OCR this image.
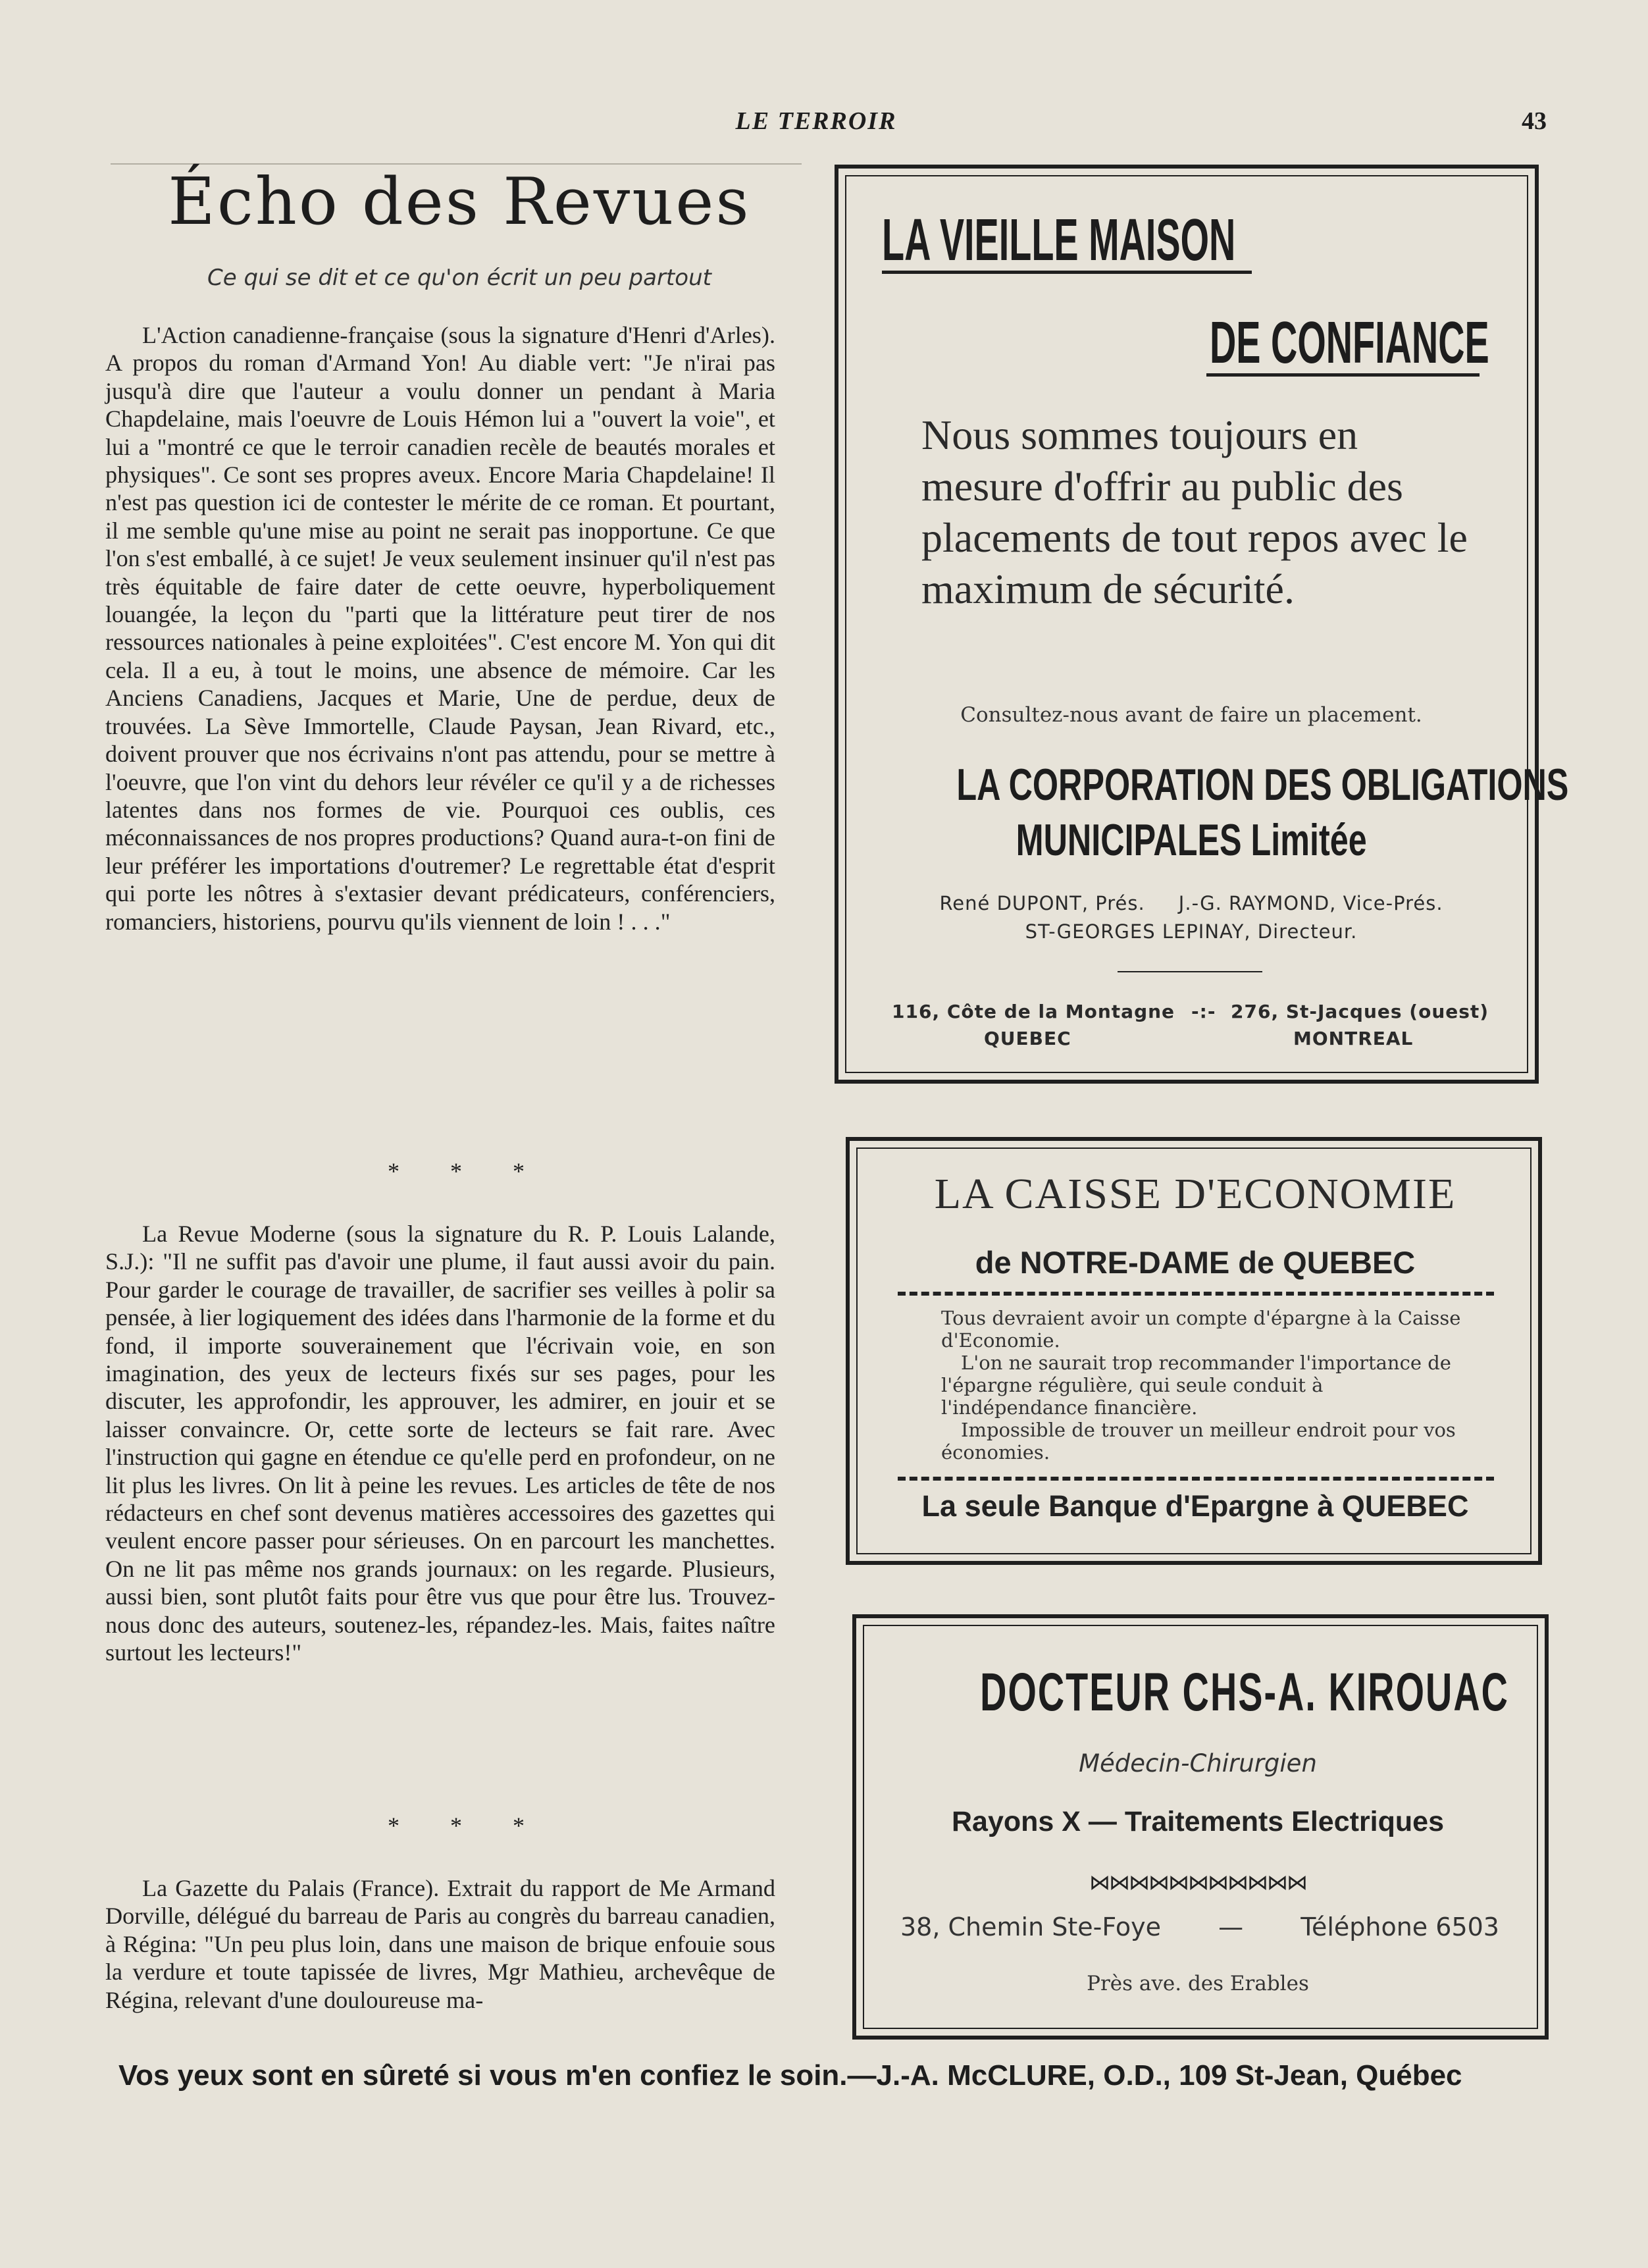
LE TERROIR	43
Écho des Revues
Ce qui se dit et ce qu'on écrit un peu partout
L'Action canadienne-française (sous la signature d'Henri d'Arles). A propos du roman d'Armand Yon! Au diable vert: "Je n'irai pas jusqu'à dire que l'auteur a voulu donner un pendant à Maria Chapdelaine, mais l'oeuvre de Louis Hémon lui a "ouvert la voie", et lui a "montré ce que le terroir canadien recèle de beautés morales et physiques". Ce sont ses propres aveux. Encore Maria Chapdelaine! Il n'est pas question ici de contester le mérite de ce roman. Et pourtant, il me semble qu'une mise au point ne serait pas inopportune. Ce que l'on s'est emballé, à ce sujet! Je veux seulement insinuer qu'il n'est pas très équitable de faire dater de cette oeuvre, hyperboliquement louangée, la leçon du "parti que la littérature peut tirer de nos ressources nationales à peine exploitées". C'est encore M. Yon qui dit cela. Il a eu, à tout le moins, une absence de mémoire. Car les Anciens Canadiens, Jacques et Marie, Une de perdue, deux de trouvées. La Sève Immortelle, Claude Paysan, Jean Rivard, etc., doivent prouver que nos écrivains n'ont pas attendu, pour se mettre à l'oeuvre, que l'on vint du dehors leur révéler ce qu'il y a de richesses latentes dans nos formes de vie. Pourquoi ces oublis, ces méconnaissances de nos propres productions? Quand aura-t-on fini de leur préférer les importations d'outremer? Le regrettable état d'esprit qui porte les nôtres à s'extasier devant prédicateurs, conférenciers, romanciers, historiens, pourvu qu'ils viennent de loin ! . . ."
* * *
La Revue Moderne (sous la signature du R. P. Louis Lalande, S.J.): "Il ne suffit pas d'avoir une plume, il faut aussi avoir du pain. Pour garder le courage de travailler, de sacrifier ses veilles à polir sa pensée, à lier logiquement des idées dans l'harmonie de la forme et du fond, il importe souverainement que l'écrivain voie, en son imagination, des yeux de lecteurs fixés sur ses pages, pour les discuter, les approfondir, les approuver, les admirer, en jouir et se laisser convaincre. Or, cette sorte de lecteurs se fait rare. Avec l'instruction qui gagne en étendue ce qu'elle perd en profondeur, on ne lit plus les livres. On lit à peine les revues. Les articles de tête de nos rédacteurs en chef sont devenus matières accessoires des gazettes qui veulent encore passer pour sérieuses. On en parcourt les manchettes. On ne lit pas même nos grands journaux: on les regarde. Plusieurs, aussi bien, sont plutôt faits pour être vus que pour être lus. Trouvez-nous donc des auteurs, soutenez-les, répandez-les. Mais, faites naître surtout les lecteurs!"
* * *
La Gazette du Palais (France). Extrait du rapport de Me Armand Dorville, délégué du barreau de Paris au congrès du barreau canadien, à Régina: "Un peu plus loin, dans une maison de brique enfouie sous la verdure et toute tapissée de livres, Mgr Mathieu, archevêque de Régina, relevant d'une douloureuse ma-
LA VIEILLE MAISON
DE CONFIANCE
Nous sommes toujours en mesure d'offrir au public des placements de tout repos avec le maximum de sécurité.
Consultez-nous avant de faire un placement.
LA CORPORATION DES OBLIGATIONS
MUNICIPALES Limitée
René DUPONT, Prés.     J.-G. RAYMOND, Vice-Prés.
ST-GEORGES LEPINAY, Directeur.
116, Côte de la Montagne -:- 276, St-Jacques (ouest)
QUEBEC	MONTREAL
LA CAISSE D'ECONOMIE
de NOTRE-DAME de QUEBEC
Tous devraient avoir un compte d'épargne à la Caisse d'Economie.
L'on ne saurait trop recommander l'importance de l'épargne régulière, qui seule conduit à l'indépendance financière.
Impossible de trouver un meilleur endroit pour vos économies.
La seule Banque d'Epargne à QUEBEC
DOCTEUR CHS-A. KIROUAC
Médecin-Chirurgien
Rayons X — Traitements Electriques
⋈⋈⋈⋈⋈⋈⋈⋈⋈⋈⋈
38, Chemin Ste-Foye — Téléphone 6503
Près ave. des Erables
Vos yeux sont en sûreté si vous m'en confiez le soin.—J.-A. McCLURE, O.D., 109 St-Jean, Québec
